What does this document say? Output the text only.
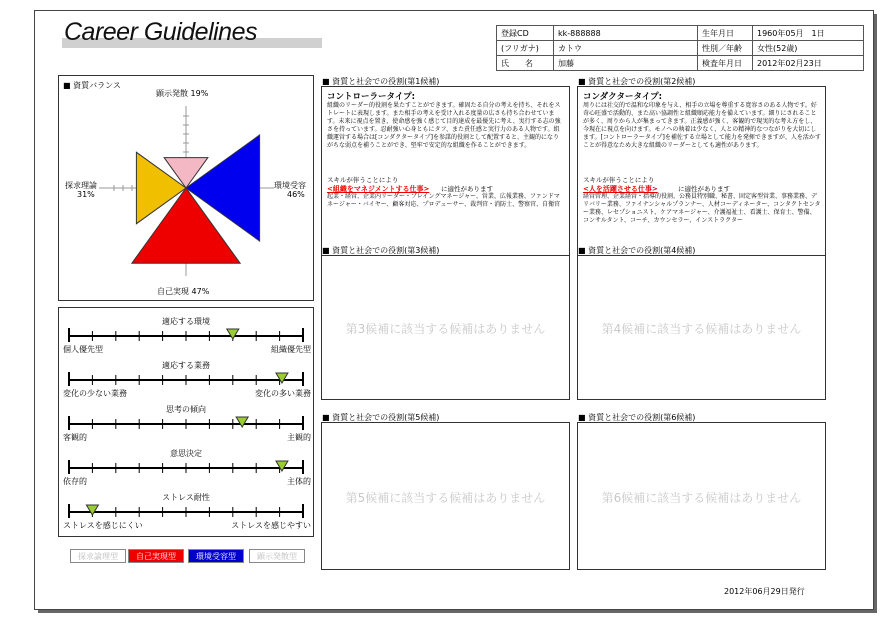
Career Guidelines	登録CD	kk-888888	生年月日	1960年05月　1日
(フリガナ)	カトウ	性別／年齢	女性(52歳)
氏　　名	加藤	検査年月日	2012年02月23日
■ 資質バランス
顕示発散 19%
環境受容
46%
探求理論
31%
自己実現 47%
適応する環境
個人優先型	組織優先型
適応する業務
変化の少ない業務	変化の多い業務
思考の傾向
客観的	主観的
意思決定
依存的	主体的
ストレス耐性
ストレスを感じにくい	ストレスを感じやすい
探求論理型	自己実現型	環境受容型	顕示発散型
■ 資質と社会での役割(第1候補)
コントローラータイプ:
組織のリーダー的役割を果たすことができます。確固たる自分の考えを持ち、それをストレートに表現します。また相手の考えを受け入れる度量の広さも持ち合わせています。未来に視点を置き、使命感を強く感じて目的達成を最優先に考え、実行する志の強さを持っています。忍耐強い心身ともにタフ、また責任感と実行力のある人物です。組織運営する場合は[コンダクタータイプ]を参謀的役割として配置すると、主観的になりがちな弱点を補うことができ、堅牢で安定的な組織を作ることができます。
スキルが伴うことにより
<組織をマネジメントする仕事> に適性があります
起業・経営、企業内リーダー・プレイングマネージャー、営業、広報業務、ファンドマネージャー・バイヤー、顧客対応、プロデューサー、裁判官・消防士、警察官、自衛官
■ 資質と社会での役割(第2候補)
コンダクタータイプ:
周りには社交的で温和な印象を与え、相手の立場を尊重する寛容さのある人物です。好奇心旺盛で活動的、また高い協調性と組織順応能力を備えています。細りにされることが多く、周りから人が集まってきます。正義感が強く、客観的で現実的な考え方をし、今現在に視点を向けます。モノへの執着は少なく、人との精神的なつながりを大切にします。[コントローラータイプ]を補佐する立場として能力を発揮できますが、人を活かすことが得意なため大きな組織のリーダーとしても適性があります。
スキルが伴うことにより
<人を活躍させる仕事>	に適性があります
経営管理、企業経営・指導的役割、公務員特別職、秘書、固定客型営業、事務業務、デリバリー業務、ファイナンシャルプランナー、人材コーディネーター、コンタクトセンター業務、レセプショニスト、ケアマネージャー、介護福祉士、看護士、保育士、警備、コンサルタント、コーチ、カウンセラー、インストラクター
■ 資質と社会での役割(第3候補)
第3候補に該当する候補はありません
■ 資質と社会での役割(第4候補)
第4候補に該当する候補はありません
■ 資質と社会での役割(第5候補)
第5候補に該当する候補はありません
■ 資質と社会での役割(第6候補)
第6候補に該当する候補はありません
2012年06月29日発行
